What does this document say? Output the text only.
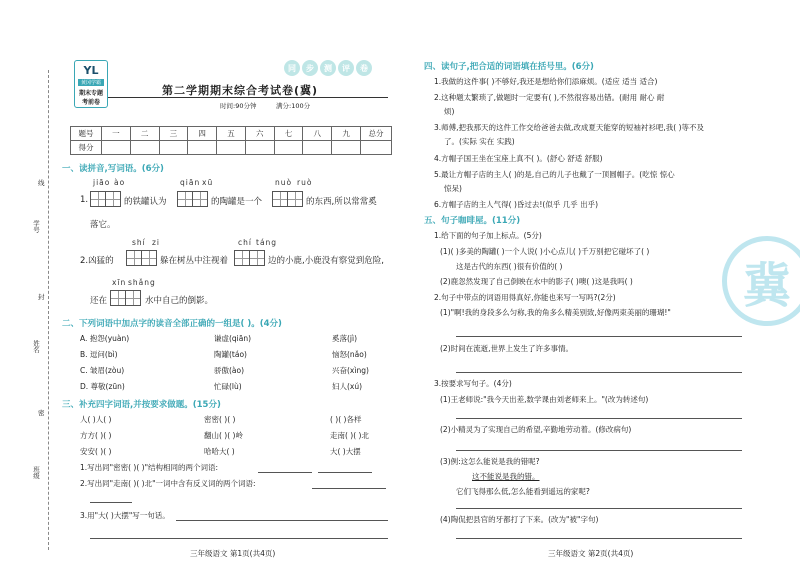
学号
线
封
姓名
密
班级
YL
黄冈学霸
期末专题
考前卷
同	步	测	评	卷
第二学期期末综合考试卷(冀)
时间:90分钟	满分:100分
题号	一	二	三	四	五	六	七	八	九	总分
得分										
一、读拼音,写词语。(6分)
jiāo ào	qiān xū	nuò ruò
1.	的铁罐认为	的陶罐是一个	的东西,所以常常奚
落它。
shí zi	chí táng
2.凶猛的	躲在树丛中注视着	边的小鹿,小鹿没有察觉到危险,
xīn shǎng
还在	水中自己的倒影。
二、下列词语中加点字的读音全部正确的一组是( )。(4分)
A. 抱怨(yuàn)	谦虚(qiān)	奚落(jì)
B. 逗问(bì)	陶罐(táo)	恼怒(nǎo)
C. 皱眉(zòu)	骄傲(ào)	兴奋(xìng)
D. 尊敬(zūn)	忙碌(lù)	妇人(xú)
三、补充四字词语,并按要求做题。(15分)
人( )人( )	密密( )( )	( )( )各样
方方( )( )	翻山( )( )岭	走南( )( )北
安安( )( )	哈哈大( )	大( )大摆
1.写出同"密密( )( )"结构相同的两个词语:
2.写出同"走南( )( )北"一词中含有反义词的两个词语:
3.用"大( )大摆"写一句话。
三年级语文 第1页(共4页)
四、读句子,把合适的词语填在括号里。(6分)
1.我做的这件事( )不够好,我还是想给你们添麻烦。(适应 适当 适合)
2.这种题太繁琐了,做题时一定要有( ),不然很容易出错。(耐用 耐心 耐
烦)
3.师傅,把我那天的这件工作交给爸爸去做,改成夏天能穿的短袖衬衫吧,我( )等不及
了。(实际 实在 实践)
4.方帽子国王坐在宝座上真不( )。(舒心 舒适 舒服)
5.最让方帽子店的主人( )的是,自己的儿子也戴了一顶圆帽子。(吃惊 惊心
惊呆)
6.方帽子店的主人气得( )昏过去!(似乎 几乎 出乎)
五、句子咖啡屋。(11分)
1.给下面的句子加上标点。(5分)
(1)( )多美的陶罐( )一个人说( )小心点儿( )千万别把它碰坏了( )
这是古代的东西( )很有价值的( )
(2)鹿忽然发现了自己倒映在水中的影子( )噢( )这是我吗( )
2.句子中带点的词语用得真好,你能也来写一写吗?(2分)
(1)"啊!我的身段多么匀称,我的角多么精美别致,好像两束美丽的珊瑚!"
(2)时间在流逝,世界上发生了许多事情。
3.按要求写句子。(4分)
(1)王老师说:"我今天出差,数学课由刘老师来上。"(改为转述句)
(2)小精灵为了实现自己的希望,辛勤地劳动着。(修改病句)
(3)例:这怎么能说是我的错呢?
这不能说是我的错。
它们飞得那么低,怎么能看到遥远的家呢?
(4)陶侃把县官的牙都打了下来。(改为"被"字句)
三年级语文 第2页(共4页)
冀
